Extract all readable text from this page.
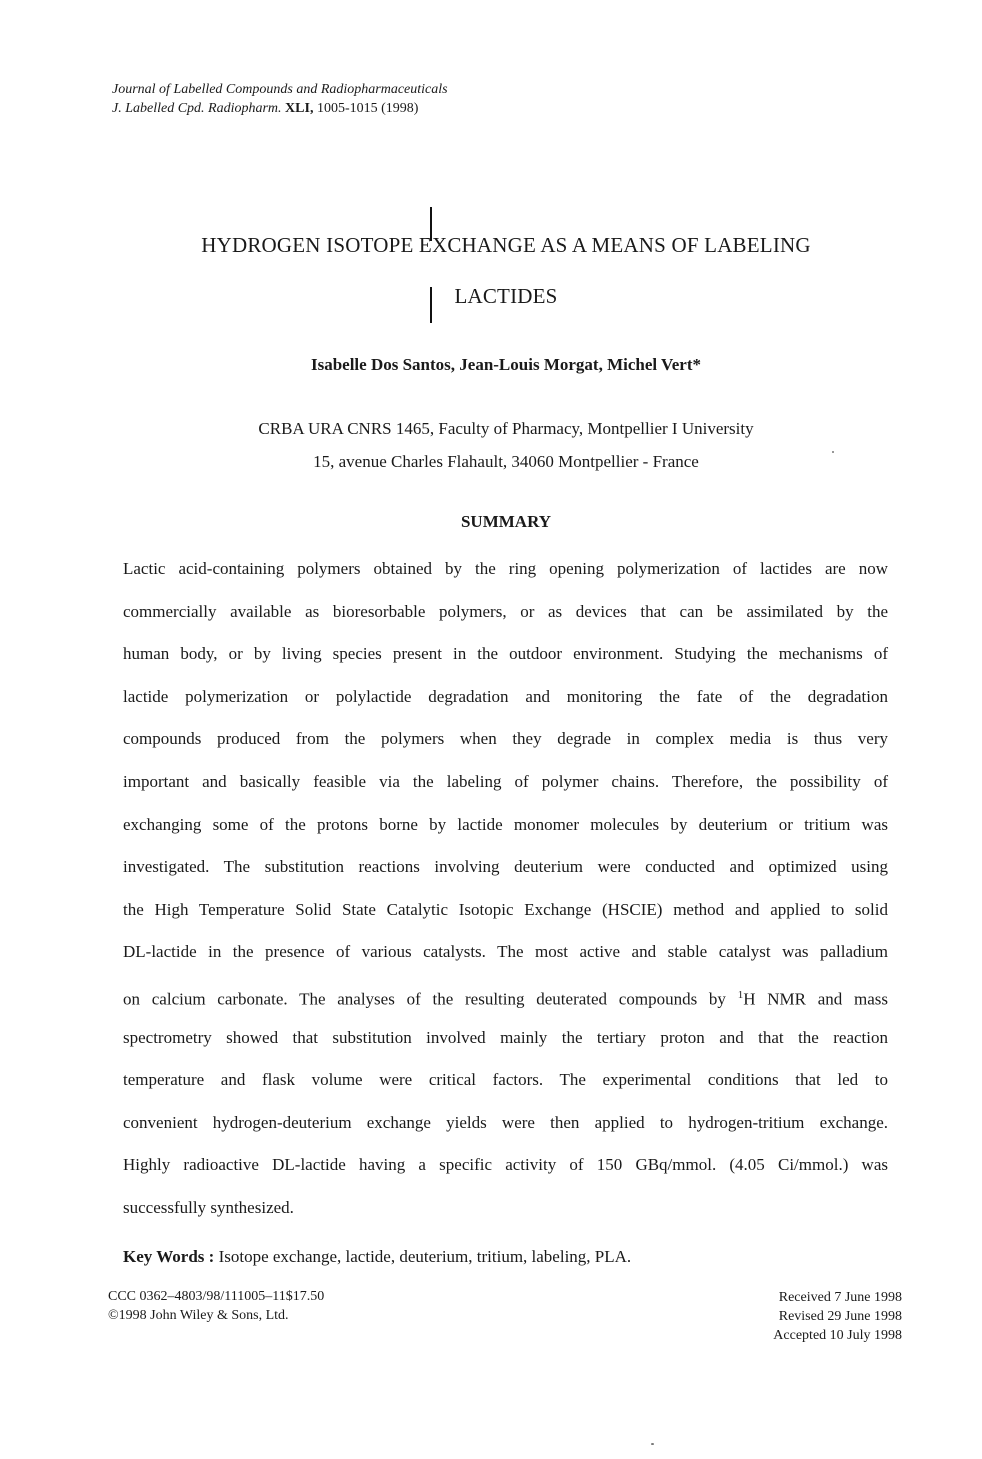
Journal of Labelled Compounds and Radiopharmaceuticals
J. Labelled Cpd. Radiopharm. XLI, 1005-1015 (1998)
HYDROGEN ISOTOPE EXCHANGE AS A MEANS OF LABELING
LACTIDES
Isabelle Dos Santos, Jean-Louis Morgat, Michel Vert*
CRBA URA CNRS 1465, Faculty of Pharmacy, Montpellier I University
15, avenue Charles Flahault, 34060 Montpellier - France
SUMMARY
Lactic acid-containing polymers obtained by the ring opening polymerization of lactides are now
commercially available as bioresorbable polymers, or as devices that can be assimilated by the
human body, or by living species present in the outdoor environment. Studying the mechanisms of
lactide polymerization or polylactide degradation and monitoring the fate of the degradation
compounds produced from the polymers when they degrade in complex media is thus very
important and basically feasible via the labeling of polymer chains. Therefore, the possibility of
exchanging some of the protons borne by lactide monomer molecules by deuterium or tritium was
investigated. The substitution reactions involving deuterium were conducted and optimized using
the High Temperature Solid State Catalytic Isotopic Exchange (HSCIE) method and applied to solid
DL-lactide in the presence of various catalysts. The most active and stable catalyst was palladium
on calcium carbonate. The analyses of the resulting deuterated compounds by $^1$H NMR and mass
spectrometry showed that substitution involved mainly the tertiary proton and that the reaction
temperature and flask volume were critical factors. The experimental conditions that led to
convenient hydrogen-deuterium exchange yields were then applied to hydrogen-tritium exchange.
Highly radioactive DL-lactide having a specific activity of 150 GBq/mmol. (4.05 Ci/mmol.) was
successfully synthesized.
Key Words : Isotope exchange, lactide, deuterium, tritium, labeling, PLA.
CCC 0362–4803/98/111005–11$17.50
©1998 John Wiley & Sons, Ltd.
Received 7 June 1998
Revised 29 June 1998
Accepted 10 July 1998
